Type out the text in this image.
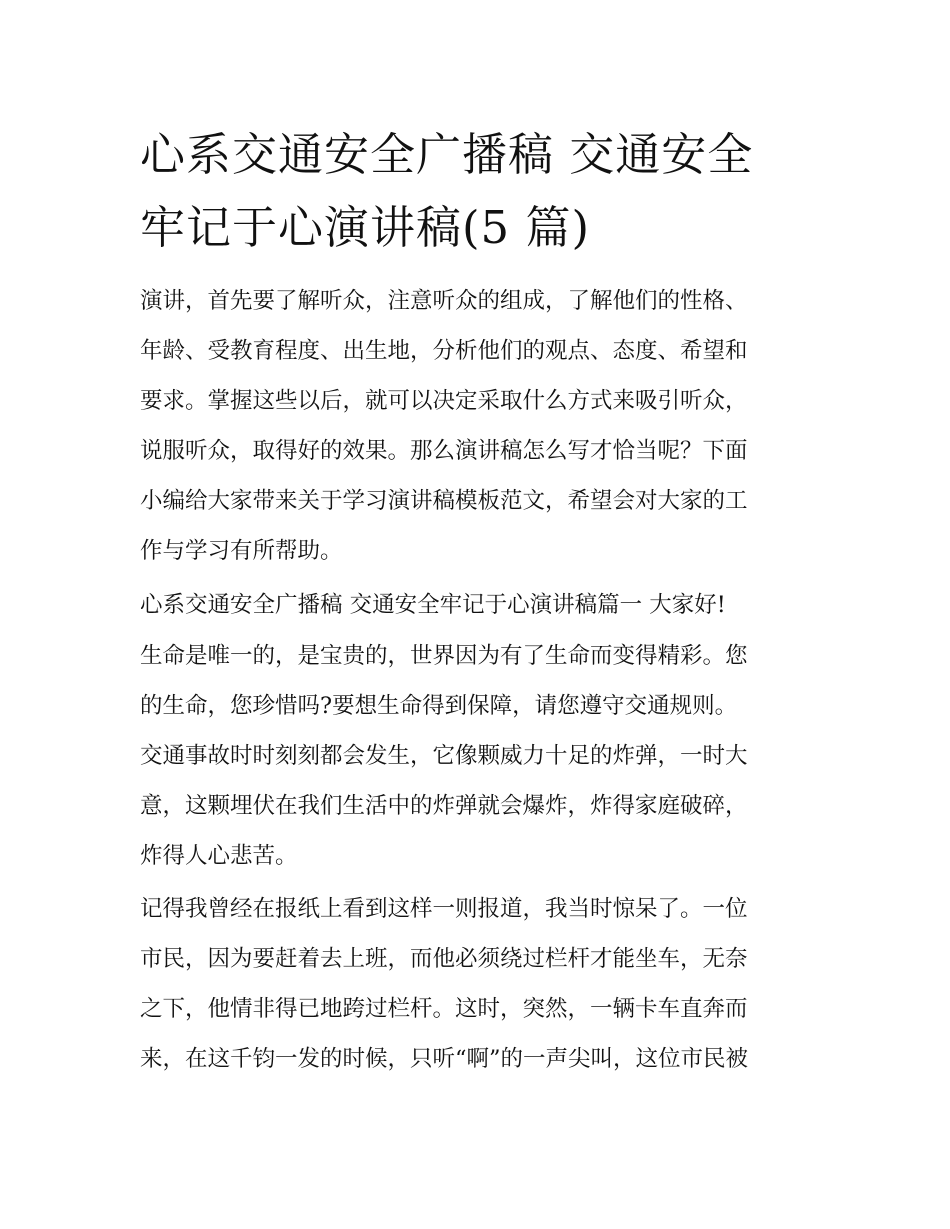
心系交通安全广播稿 交通安全
牢记于心演讲稿(5 篇)

演讲，首先要了解听众，注意听众的组成，了解他们的性格、

年龄、受教育程度、出生地，分析他们的观点、态度、希望和

要求。掌握这些以后，就可以决定采取什么方式来吸引听众，

说服听众，取得好的效果。那么演讲稿怎么写才恰当呢？下面

小编给大家带来关于学习演讲稿模板范文，希望会对大家的工

作与学习有所帮助。

心系交通安全广播稿 交通安全牢记于心演讲稿篇一 大家好!

生命是唯一的，是宝贵的，世界因为有了生命而变得精彩。您

的生命，您珍惜吗?要想生命得到保障，请您遵守交通规则。

交通事故时时刻刻都会发生，它像颗威力十足的炸弹，一时大

意，这颗埋伏在我们生活中的炸弹就会爆炸，炸得家庭破碎，

炸得人心悲苦。

记得我曾经在报纸上看到这样一则报道，我当时惊呆了。一位

市民，因为要赶着去上班，而他必须绕过栏杆才能坐车，无奈

之下，他情非得已地跨过栏杆。这时，突然，一辆卡车直奔而

来，在这千钧一发的时候，只听“啊”的一声尖叫，这位市民被
